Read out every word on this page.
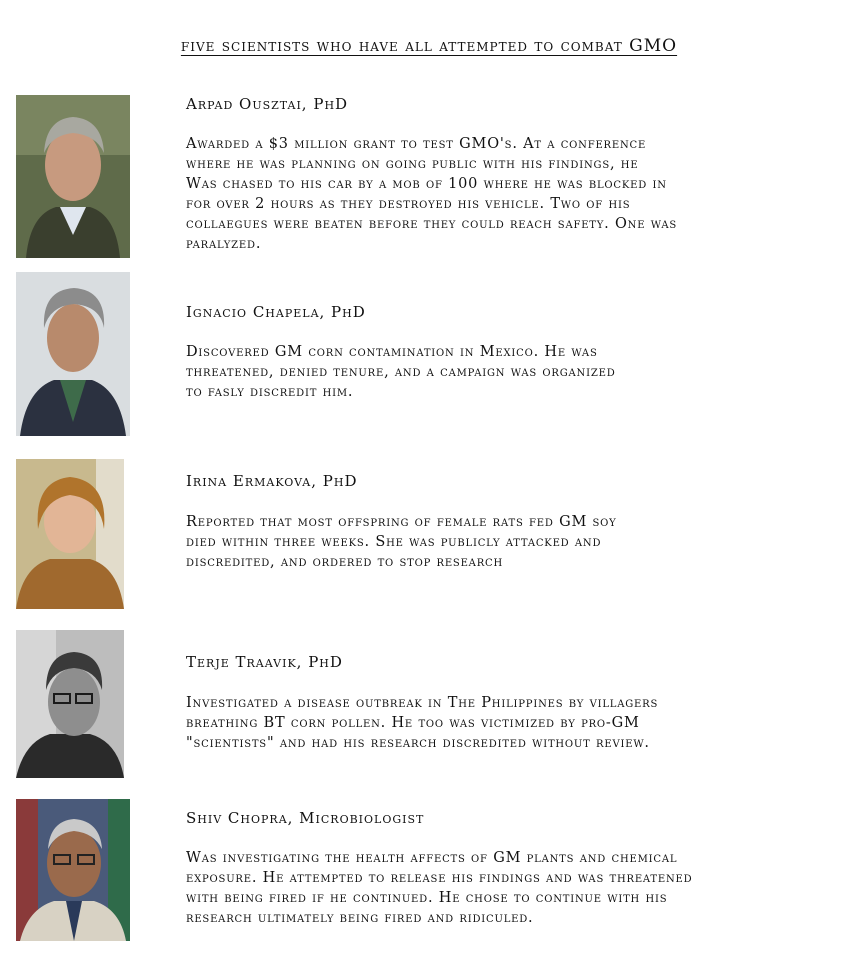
five scientists who have all attempted to combat GMO
Arpad Ousztai, PhD
Awarded a $3 million grant to test GMO's. At a conference
where he was planning on going public with his findings, he
Was chased to his car by a mob of 100 where he was blocked in
for over 2 hours as they destroyed his vehicle. Two of his
collaegues were beaten before they could reach safety. One was
paralyzed.
Ignacio Chapela, PhD
Discovered GM corn contamination in Mexico. He was
threatened, denied tenure, and a campaign was organized
to fasly discredit him.
Irina Ermakova, PhD
Reported that most offspring of female rats fed GM soy
died within three weeks. She was publicly attacked and
discredited, and ordered to stop research
Terje Traavik, PhD
Investigated a disease outbreak in The Philippines by villagers
breathing BT corn pollen. He too was victimized by pro-GM
"scientists" and had his research discredited without review.
Shiv Chopra, Microbiologist
Was investigating the health affects of GM plants and chemical
exposure. He attempted to release his findings and was threatened
with being fired if he continued. He chose to continue with his
research ultimately being fired and ridiculed.
